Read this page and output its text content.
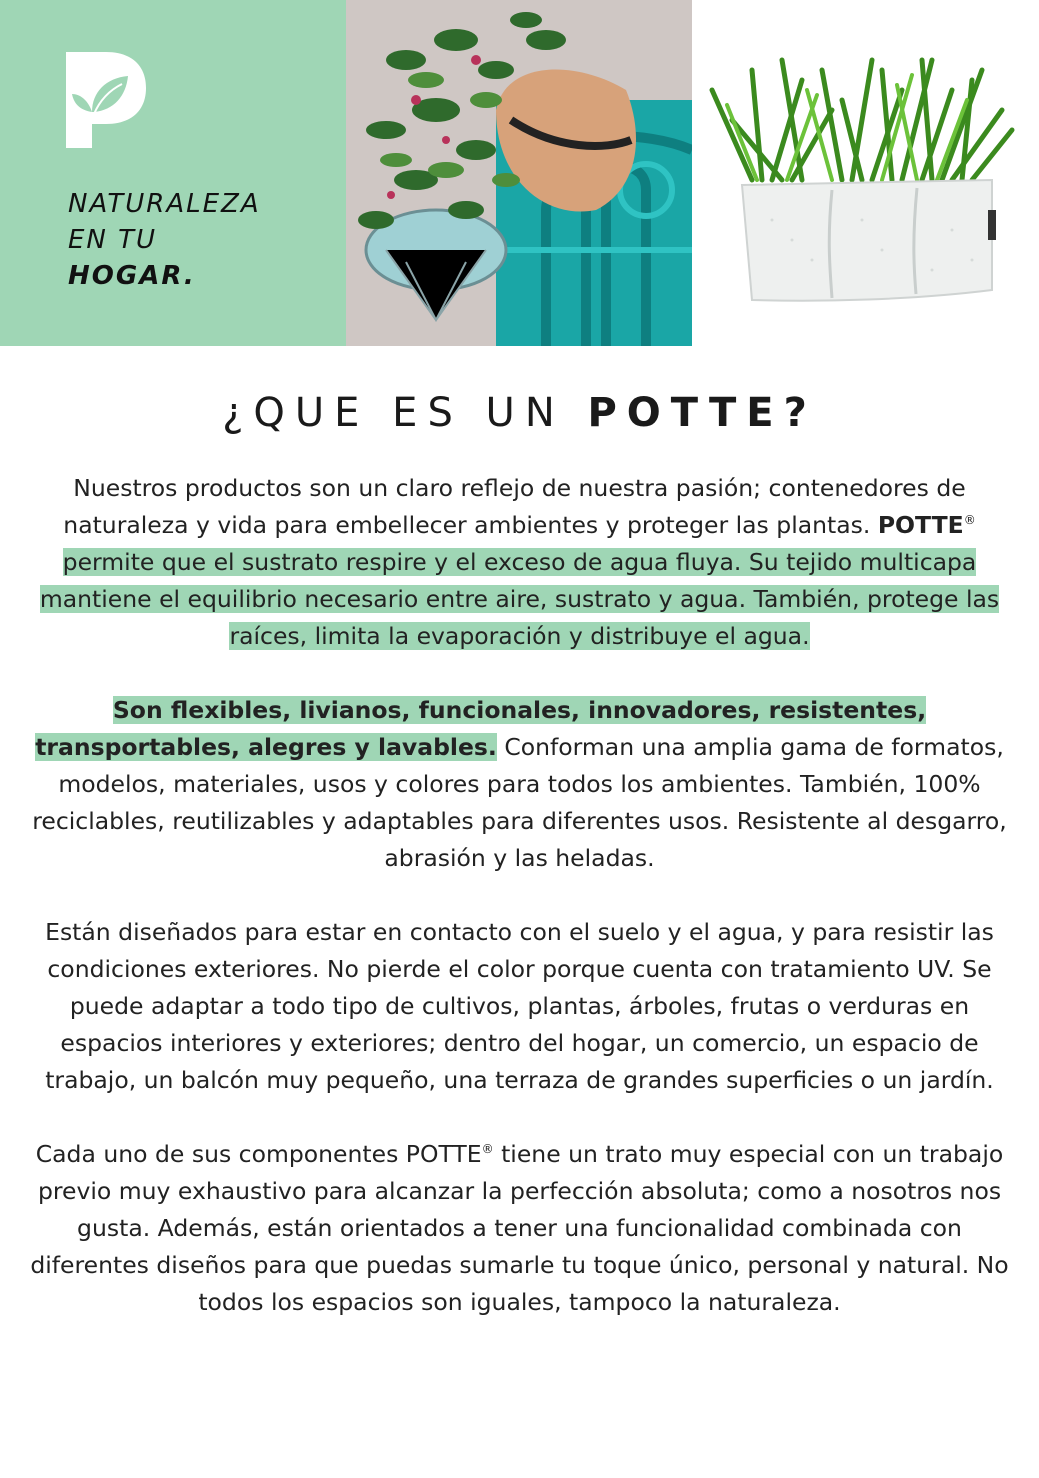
NATURALEZA
EN TU
HOGAR.
¿QUE ES UN POTTE?

Nuestros productos son un claro reflejo de nuestra pasión; contenedores de naturaleza y vida para embellecer ambientes y proteger las plantas. POTTE® permite que el sustrato respire y el exceso de agua fluya. Su tejido multicapa mantiene el equilibrio necesario entre aire, sustrato y agua. También, protege las raíces, limita la evaporación y distribuye el agua.

Son flexibles, livianos, funcionales, innovadores, resistentes, transportables, alegres y lavables. Conforman una amplia gama de formatos, modelos, materiales, usos y colores para todos los ambientes. También, 100% reciclables, reutilizables y adaptables para diferentes usos. Resistente al desgarro, abrasión y las heladas.

Están diseñados para estar en contacto con el suelo y el agua, y para resistir las condiciones exteriores. No pierde el color porque cuenta con tratamiento UV. Se puede adaptar a todo tipo de cultivos, plantas, árboles, frutas o verduras en espacios interiores y exteriores; dentro del hogar, un comercio, un espacio de trabajo, un balcón muy pequeño, una terraza de grandes superficies o un jardín.

Cada uno de sus componentes POTTE® tiene un trato muy especial con un trabajo previo muy exhaustivo para alcanzar la perfección absoluta; como a nosotros nos gusta. Además, están orientados a tener una funcionalidad combinada con diferentes diseños para que puedas sumarle tu toque único, personal y natural. No todos los espacios son iguales, tampoco la naturaleza.
